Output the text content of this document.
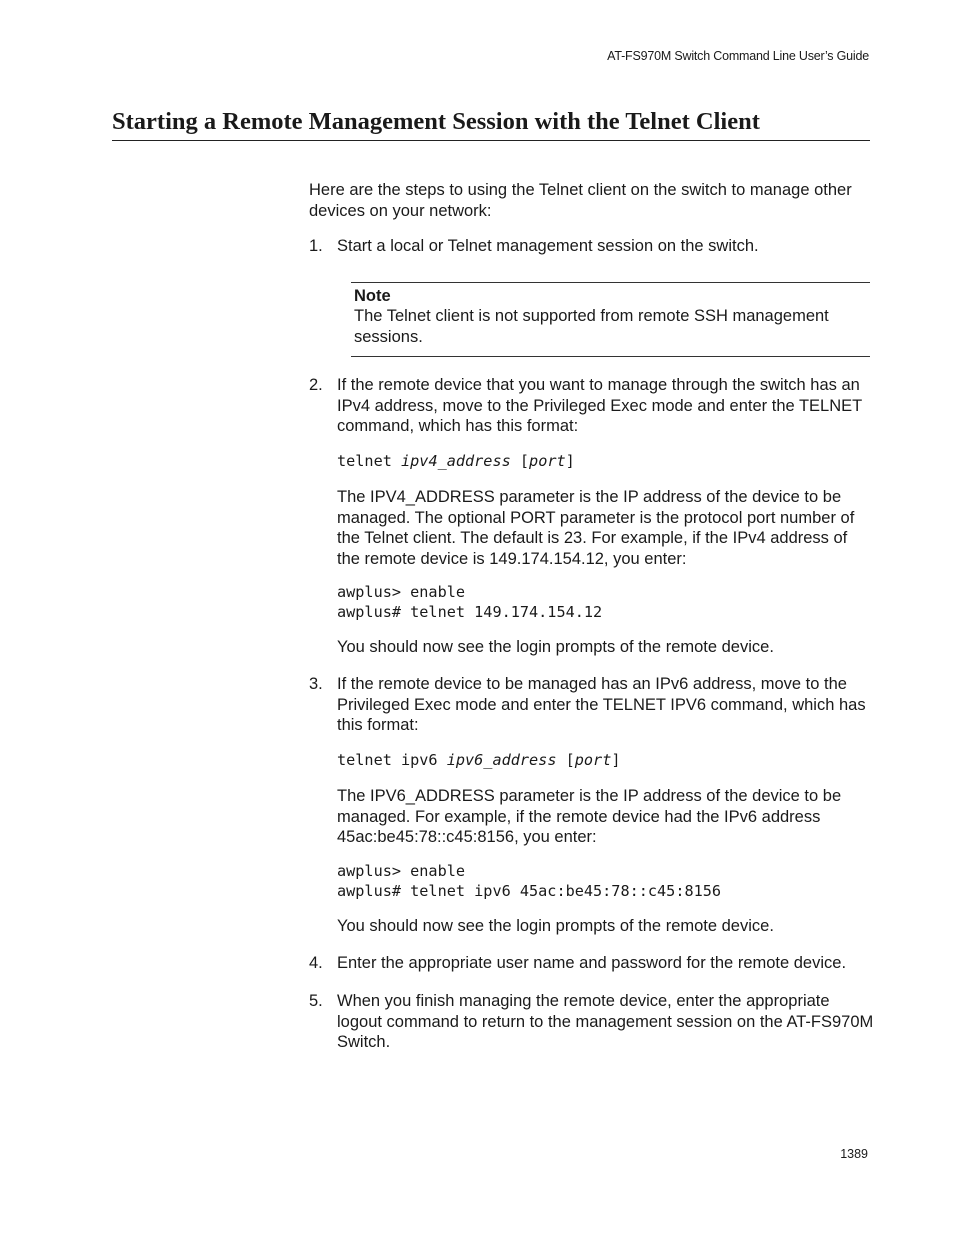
AT-FS970M Switch Command Line User’s Guide
Starting a Remote Management Session with the Telnet Client
Here are the steps to using the Telnet client on the switch to manage other devices on your network:
1. Start a local or Telnet management session on the switch.
Note
The Telnet client is not supported from remote SSH management sessions.
2. If the remote device that you want to manage through the switch has an IPv4 address, move to the Privileged Exec mode and enter the TELNET command, which has this format:
telnet ipv4_address [port]
The IPV4_ADDRESS parameter is the IP address of the device to be managed. The optional PORT parameter is the protocol port number of the Telnet client. The default is 23. For example, if the IPv4 address of the remote device is 149.174.154.12, you enter:
awplus> enable
awplus# telnet 149.174.154.12
You should now see the login prompts of the remote device.
3. If the remote device to be managed has an IPv6 address, move to the Privileged Exec mode and enter the TELNET IPV6 command, which has this format:
telnet ipv6 ipv6_address [port]
The IPV6_ADDRESS parameter is the IP address of the device to be managed. For example, if the remote device had the IPv6 address 45ac:be45:78::c45:8156, you enter:
awplus> enable
awplus# telnet ipv6 45ac:be45:78::c45:8156
You should now see the login prompts of the remote device.
4. Enter the appropriate user name and password for the remote device.
5. When you finish managing the remote device, enter the appropriate logout command to return to the management session on the AT-FS970M Switch.
1389
